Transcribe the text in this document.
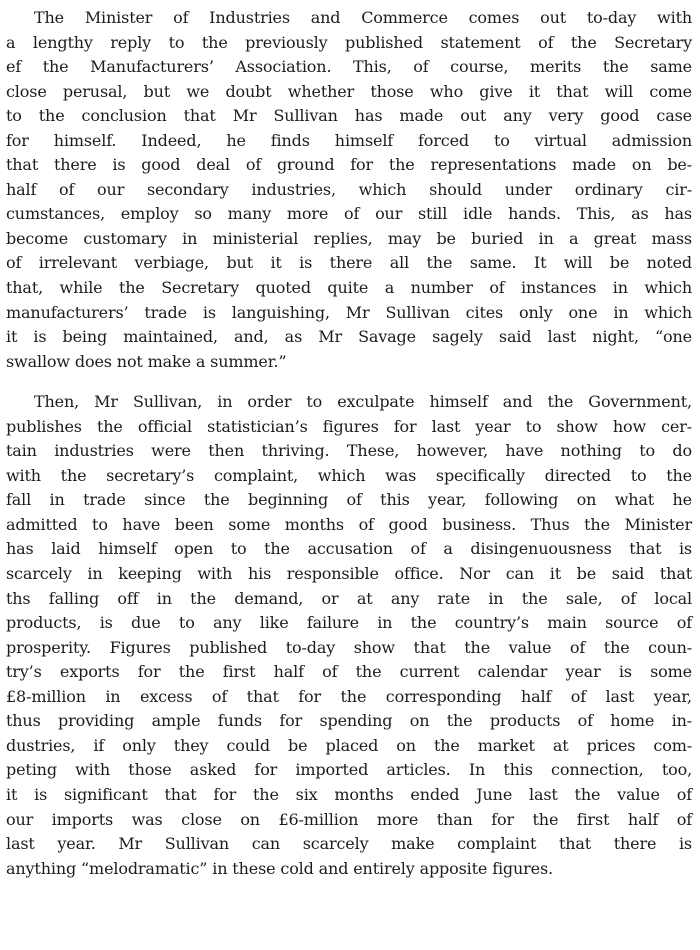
The Minister of Industries and Commerce comes out to-day with
a lengthy reply to the previously published statement of the Secretary
ef the Manufacturers’ Association. This, of course, merits the same
close perusal, but we doubt whether those who give it that will come
to the conclusion that Mr Sullivan has made out any very good case
for himself. Indeed, he finds himself forced to virtual admission
that there is good deal of ground for the representations made on be-
half of our secondary industries, which should under ordinary cir-
cumstances, employ so many more of our still idle hands. This, as has
become customary in ministerial replies, may be buried in a great mass
of irrelevant verbiage, but it is there all the same. It will be noted
that, while the Secretary quoted quite a number of instances in which
manufacturers’ trade is languishing, Mr Sullivan cites only one in which
it is being maintained, and, as Mr Savage sagely said last night, “one
swallow does not make a summer.”
Then, Mr Sullivan, in order to exculpate himself and the Government,
publishes the official statistician’s figures for last year to show how cer-
tain industries were then thriving. These, however, have nothing to do
with the secretary’s complaint, which was specifically directed to the
fall in trade since the beginning of this year, following on what he
admitted to have been some months of good business. Thus the Minister
has laid himself open to the accusation of a disingenuousness that is
scarcely in keeping with his responsible office. Nor can it be said that
ths falling off in the demand, or at any rate in the sale, of local
products, is due to any like failure in the country’s main source of
prosperity. Figures published to-day show that the value of the coun-
try’s exports for the first half of the current calendar year is some
£8-million in excess of that for the corresponding half of last year,
thus providing ample funds for spending on the products of home in-
dustries, if only they could be placed on the market at prices com-
peting with those asked for imported articles. In this connection, too,
it is significant that for the six months ended June last the value of
our imports was close on £6-million more than for the first half of
last year. Mr Sullivan can scarcely make complaint that there is
anything “melodramatic” in these cold and entirely apposite figures.
